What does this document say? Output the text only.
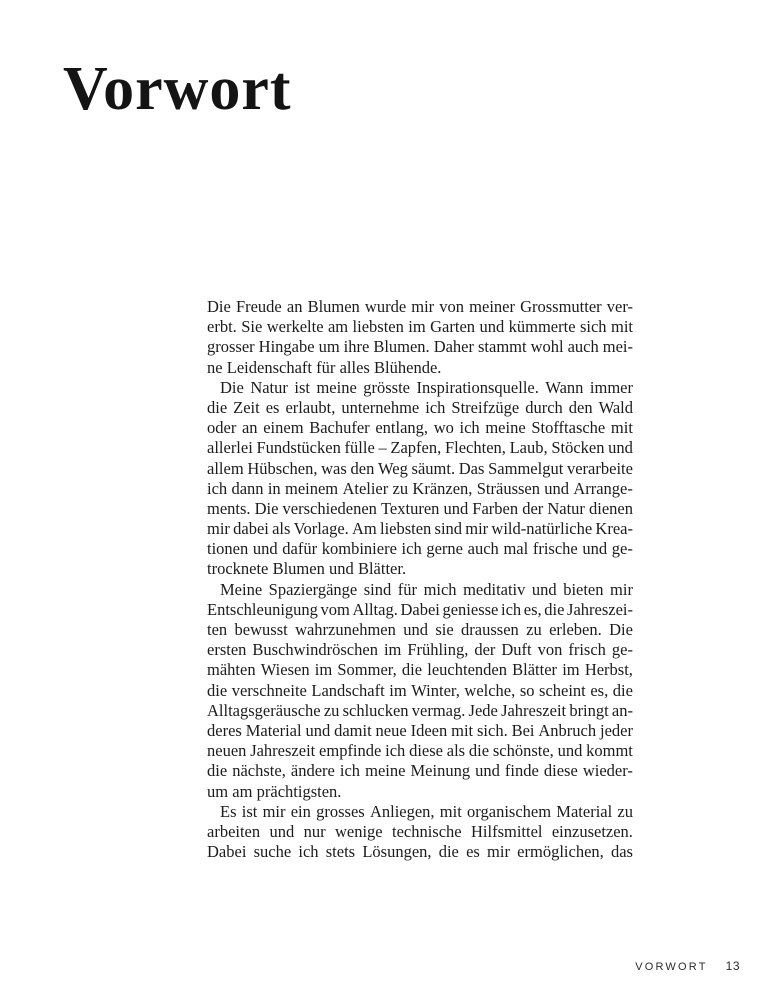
Vorwort
Die Freude an Blumen wurde mir von meiner Grossmutter ver-
erbt. Sie werkelte am liebsten im Garten und kümmerte sich mit
grosser Hingabe um ihre Blumen. Daher stammt wohl auch mei-
ne Leidenschaft für alles Blühende.
Die Natur ist meine grösste Inspirationsquelle. Wann immer
die Zeit es erlaubt, unternehme ich Streifzüge durch den Wald
oder an einem Bachufer entlang, wo ich meine Stofftasche mit
allerlei Fundstücken fülle – Zapfen, Flechten, Laub, Stöcken und
allem Hübschen, was den Weg säumt. Das Sammelgut verarbeite
ich dann in meinem Atelier zu Kränzen, Sträussen und Arrange-
ments. Die verschiedenen Texturen und Farben der Natur dienen
mir dabei als Vorlage. Am liebsten sind mir wild-natürliche Krea-
tionen und dafür kombiniere ich gerne auch mal frische und ge-
trocknete Blumen und Blätter.
Meine Spaziergänge sind für mich meditativ und bieten mir
Entschleunigung vom Alltag. Dabei geniesse ich es, die Jahreszei-
ten bewusst wahrzunehmen und sie draussen zu erleben. Die
ersten Buschwindröschen im Frühling, der Duft von frisch ge-
mähten Wiesen im Sommer, die leuchtenden Blätter im Herbst,
die verschneite Landschaft im Winter, welche, so scheint es, die
Alltagsgeräusche zu schlucken vermag. Jede Jahreszeit bringt an-
deres Material und damit neue Ideen mit sich. Bei Anbruch jeder
neuen Jahreszeit empfinde ich diese als die schönste, und kommt
die nächste, ändere ich meine Meinung und finde diese wieder-
um am prächtigsten.
Es ist mir ein grosses Anliegen, mit organischem Material zu
arbeiten und nur wenige technische Hilfsmittel einzusetzen.
Dabei suche ich stets Lösungen, die es mir ermöglichen, das
VORWORT 13
